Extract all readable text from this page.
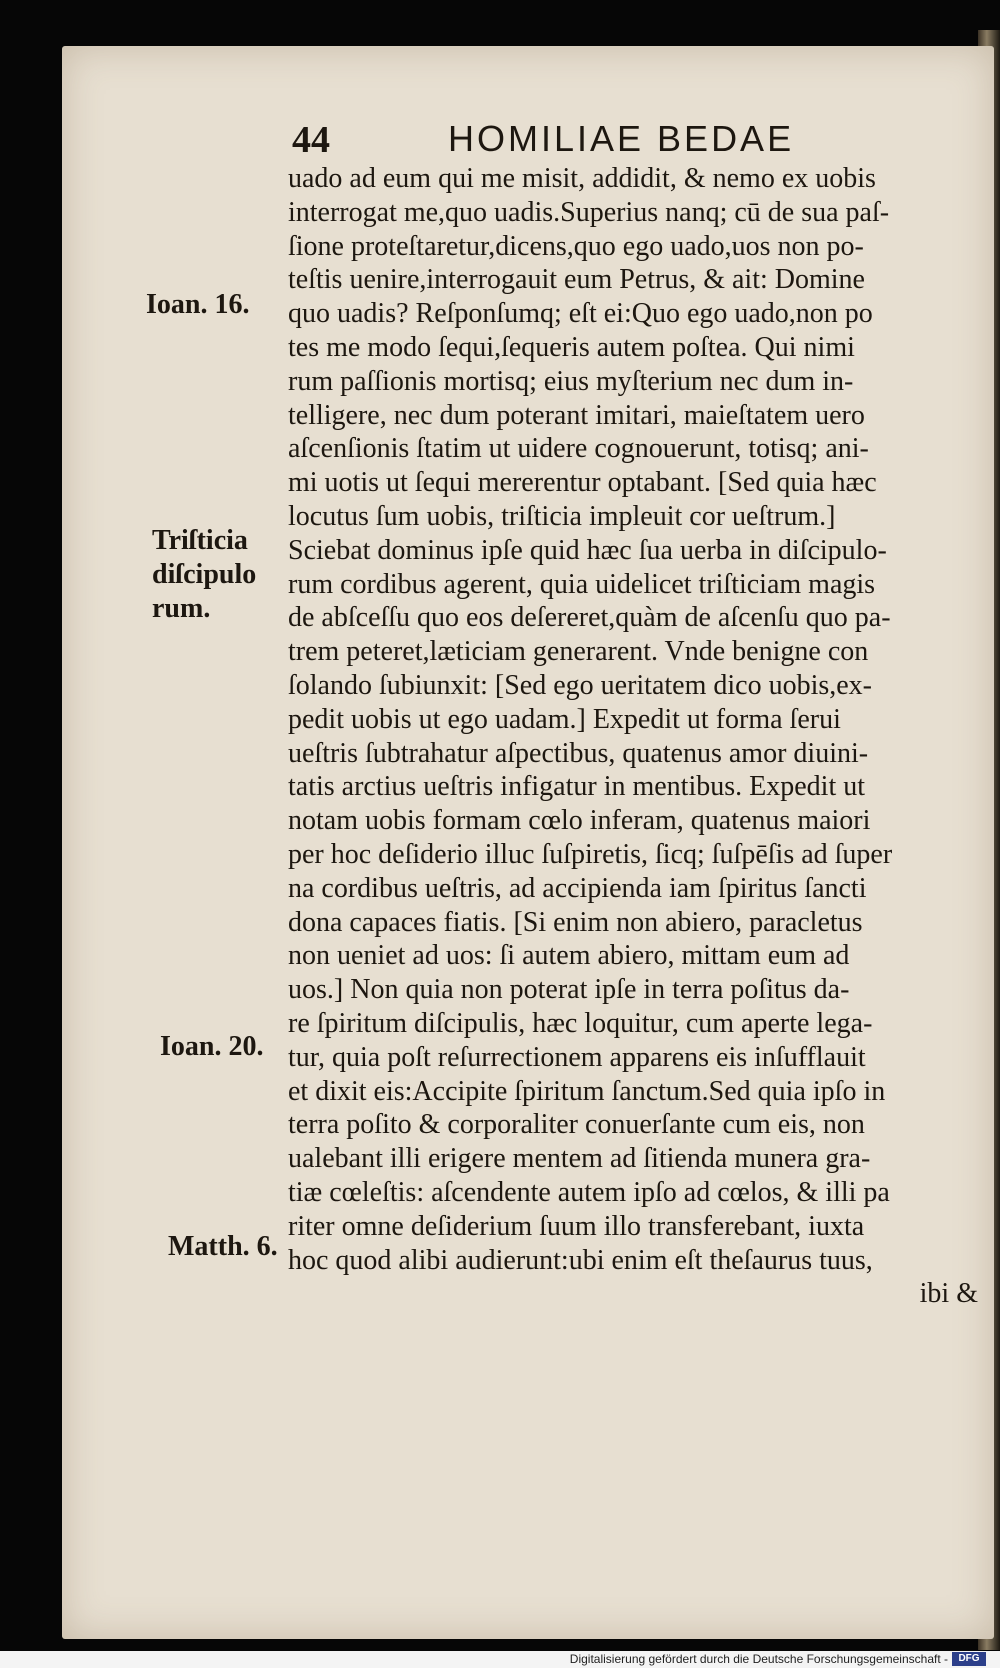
44	HOMILIAE BEDAE
uado ad eum qui me misit, addidit, & nemo ex uobis
interrogat me,quo uadis.Superius nanq; cū de sua paſ-
ſione proteſtaretur,dicens,quo ego uado,uos non po-
teſtis uenire,interrogauit eum Petrus, & ait: Domine
quo uadis? Reſponſumq; eſt ei:Quo ego uado,non po
tes me modo ſequi,ſequeris autem poſtea. Qui nimi
rum paſſionis mortisq; eius myſterium nec dum in-
telligere, nec dum poterant imitari, maieſtatem uero
aſcenſionis ſtatim ut uidere cognouerunt, totisq; ani-
mi uotis ut ſequi mererentur optabant. [Sed quia hæc
locutus ſum uobis, triſticia impleuit cor ueſtrum.]
Sciebat dominus ipſe quid hæc ſua uerba in diſcipulo-
rum cordibus agerent, quia uidelicet triſticiam magis
de abſceſſu quo eos deſereret,quàm de aſcenſu quo pa-
trem peteret,læticiam generarent. Vnde benigne con
ſolando ſubiunxit: [Sed ego ueritatem dico uobis,ex-
pedit uobis ut ego uadam.] Expedit ut forma ſerui
ueſtris ſubtrahatur aſpectibus, quatenus amor diuini-
tatis arctius ueſtris infigatur in mentibus. Expedit ut
notam uobis formam cœlo inferam, quatenus maiori
per hoc deſiderio illuc ſuſpiretis, ſicq; ſuſpēſis ad ſuper
na cordibus ueſtris, ad accipienda iam ſpiritus ſancti
dona capaces fiatis. [Si enim non abiero, paracletus
non ueniet ad uos: ſi autem abiero, mittam eum ad
uos.] Non quia non poterat ipſe in terra poſitus da-
re ſpiritum diſcipulis, hæc loquitur, cum aperte lega-
tur, quia poſt reſurrectionem apparens eis inſufflauit
et dixit eis:Accipite ſpiritum ſanctum.Sed quia ipſo in
terra poſito & corporaliter conuerſante cum eis, non
ualebant illi erigere mentem ad ſitienda munera gra-
tiæ cœleſtis: aſcendente autem ipſo ad cœlos, & illi pa
riter omne deſiderium ſuum illo transferebant, iuxta
hoc quod alibi audierunt:ubi enim eſt theſaurus tuus,
ibi &
Ioan. 16.
Triſticia
diſcipulo
rum.
Ioan. 20.
Matth. 6.
Digitalisierung gefördert durch die Deutsche Forschungsgemeinschaft -	DFG
